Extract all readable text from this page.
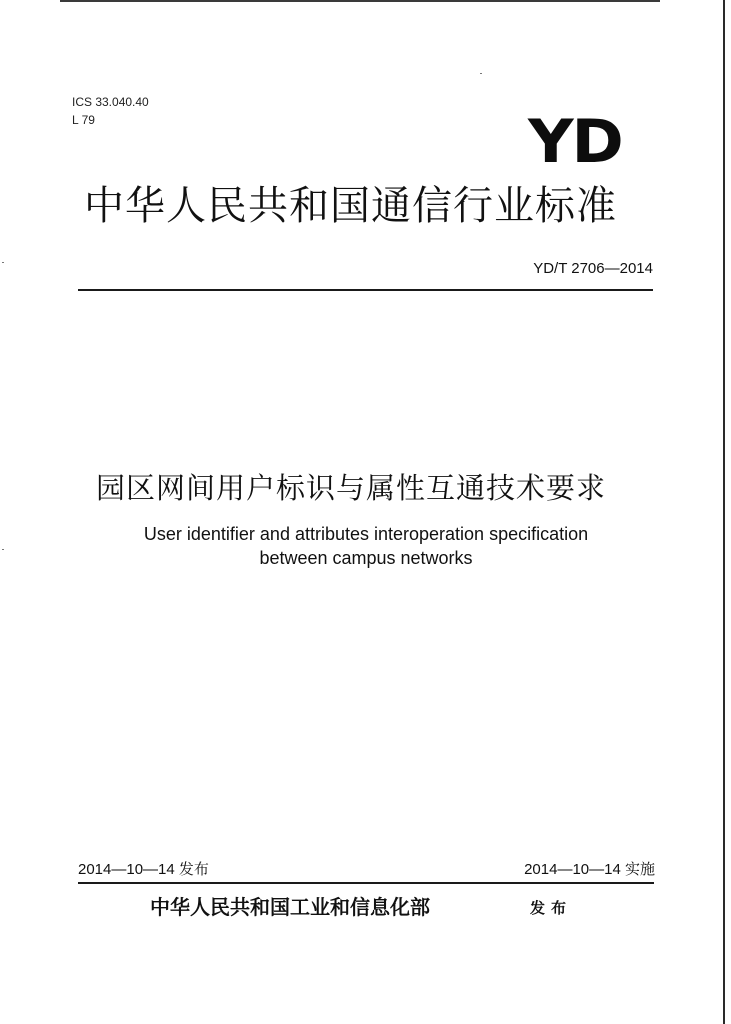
ICS 33.040.40
L 79	YD
中华人民共和国通信行业标准
YD/T 2706—2014
园区网间用户标识与属性互通技术要求
User identifier and attributes interoperation specification
between campus networks
2014—10—14 发布	2014—10—14 实施
中华人民共和国工业和信息化部	发布
